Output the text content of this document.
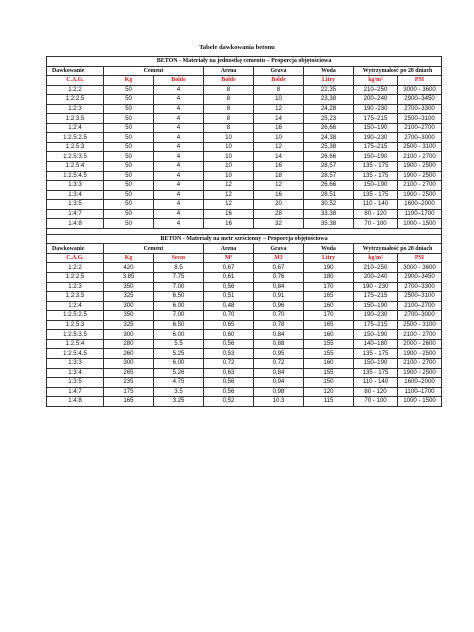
Tabele dawkowania betonu
BETON - Materiały na jednostkę cementu – Proporcja objętościowa							
Dawkowanie	Cement		Arena	Grava	Woda	Wytrzymałość po 28 dniach	
C.A.G.	Kg	Bolde	Bolde	Bolde	Litry	kg/m²	PSI
1:2:2	50	4	8	8	22,35	210–250	3000 - 3600
1:2:2.5	50	4	8	10	23,38	200–240	2900–3450
1:2:3	50	4	8	12	24,28	190 -230	2700–3300
1:2:3.5	50	4	8	14	25,23	175–215	2500–3100
1:2:4	50	4	8	16	26,66	150–190	2100–2700
1:2.5:2.5	50	4	10	10	24,38	190–230	2700–3000
1:2.5:3	50	4	10	12	25,38	175–215	2500 - 3100
1:2.5:3.5	50	4	10	14	26.66	150–190	2100 - 2700
1:2.5:4	50	4	10	16	28,57	135 - 175	1900 - 2500
1:2.5:4.5	50	4	10	18	28,57	135 - 175	1900 - 2500
1:3:3	50	4	12	12	26.66	150–190	2100 - 2700
1:3:4	50	4	12	16	28.51	135 - 175	1900 - 2500
1:3:5	50	4	12	20	30.52	110 - 140	1600–2000
1:4:7	50	4	16	28	33.38	80 - 120	1100–1700
1:4:8	50	4	16	32	35.38	70 - 100	1000 - 1500

BETON - Materiały na metr sześcienny – Proporcja objętościowa							
Dawkowanie	Cement		Arena	Grava	Woda	Wytrzymałość po 28 dniach	
C.A.G.	Kg	Secos	M³	M3	Litry	kg/m²	PSI
1:2:2	420	8.5	0,67	0,67	190	210–250	3000 - 3600
1:2:2.5	3.85	7.75	0,61	0,76	180	200–240	2900–3450
1:2:3	350	7.00	0,56	0,84	170	190 - 230	2700–3300
1:2:3.5	325	6.50	0,51	0,91	165	175–215	2500–3100
1:2:4	300	6.00	0,48	0,96	160	150–190	2100–2700
1:2.5:2.5	350	7.00	0.70	0.70	170	190–230	2700–3000
1:2.5:3	325	6.50	0.65	0.78	165	175–215	2500 - 3100
1:2.5:3.5	300	6.00	0.60	0.84	160	150–190	2100 - 2700
1:2.5:4	280	5.5	0,56	0,88	155	140–180	2000 - 2600
1:2.5:4.5	260	5.25	0,53	0,95	155	135 - 175	1900 - 2500
1:3:3	300	6.00	0,72	0,72	160	150–190	2100 - 2700
1:3:4	265	5.26	0,63	0,84	155	135 - 175	1900 - 2500
1:3:5	235	4.75	0,56	0,94	150	110 - 140	1600–2000
1:4:7	175	3.5	0,56	0,98	120	80 - 120	1100–1700
1:4:8	165	3.25	0,52	10.3	115	70 - 100	1000 - 1500
